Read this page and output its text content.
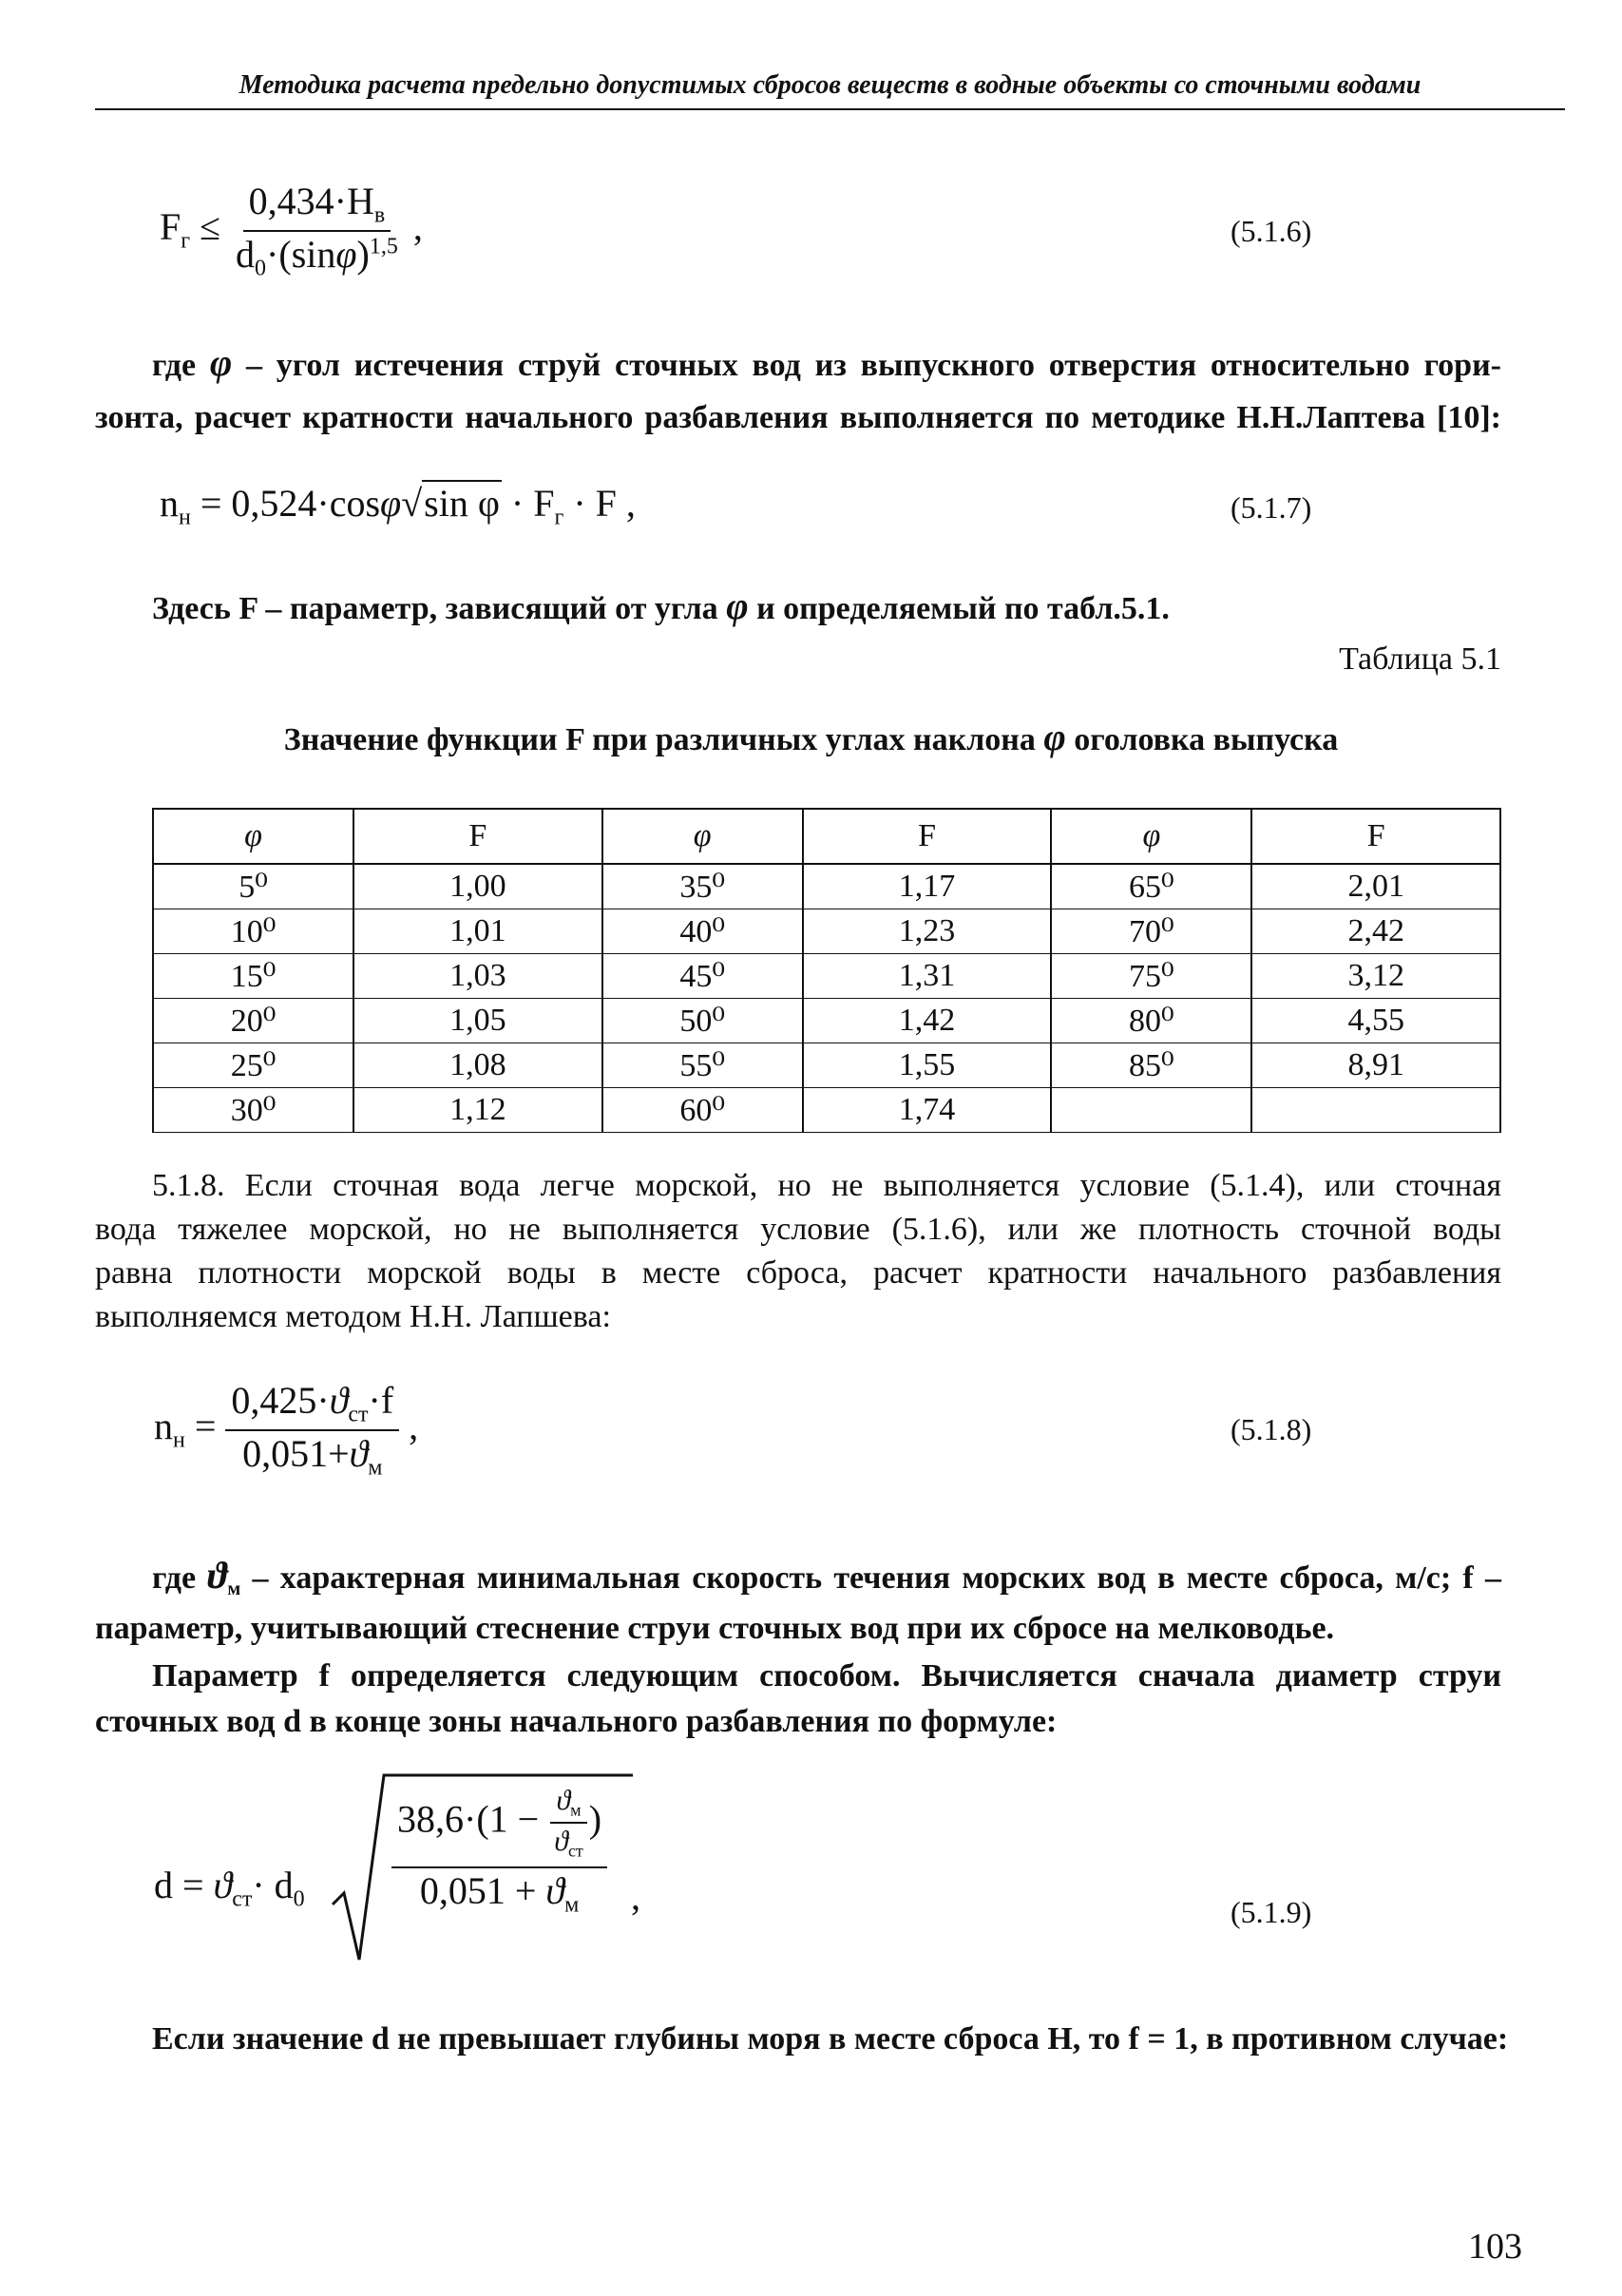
Методика расчета предельно допустимых сбросов веществ в водные объекты со сточными водами
$F_г \le \frac{0,434\cdot H_в}{d_0\cdot(\sin\varphi)^{1,5}}$ ,	(5.1.6)
где φ – угол истечения струй сточных вод из выпускного отверстия относительно гори-
зонта, расчет кратности начального разбавления выполняется по методике Н.Н.Лаптева [10]:
$n_н = 0,524\cdot\cos\varphi√\sin$ $\varphi \cdot F_г \cdot F$ ,	(5.1.7)
Здесь F – параметр, зависящий от угла φ и определяемый по табл.5.1.
Таблица 5.1
Значение функции F при различных углах наклона φ оголовка выпуска
φ	F	φ	F	φ	F
5⁰	1,00	35⁰	1,17	65⁰	2,01
10⁰	1,01	40⁰	1,23	70⁰	2,42
15⁰	1,03	45⁰	1,31	75⁰	3,12
20⁰	1,05	50⁰	1,42	80⁰	4,55
25⁰	1,08	55⁰	1,55	85⁰	8,91
30⁰	1,12	60⁰	1,74		
5.1.8. Если сточная вода легче морской, но не выполняется условие (5.1.4), или сточная
вода тяжелее морской, но не выполняется условие (5.1.6), или же плотность сточной воды
равна плотности морской воды в месте сброса, расчет кратности начального разбавления
выполняемся методом Н.Н. Лапшева:
$n_н = \frac{0,425\cdot ϑ_{ст}\cdot f}{0,051+ϑ_м}$ ,	(5.1.8)
где $ϑ_м$ – характерная минимальная скорость течения морских вод в месте сброса, м/с; f –
параметр, учитывающий стеснение струи сточных вод при их сбросе на мелководье.
Параметр f определяется следующим способом. Вычисляется сначала диаметр струи
сточных вод d в конце зоны начального разбавления по формуле:
$d = ϑ_{ст}\cdot d_0 \frac{38,6\cdot(1 - \frac{ϑ_м}{ϑ_{ст}} )}{0,051 + ϑ_м}$ ,	(5.1.9)
Если значение d не превышает глубины моря в месте сброса H, то f = 1, в противном случае:
103
